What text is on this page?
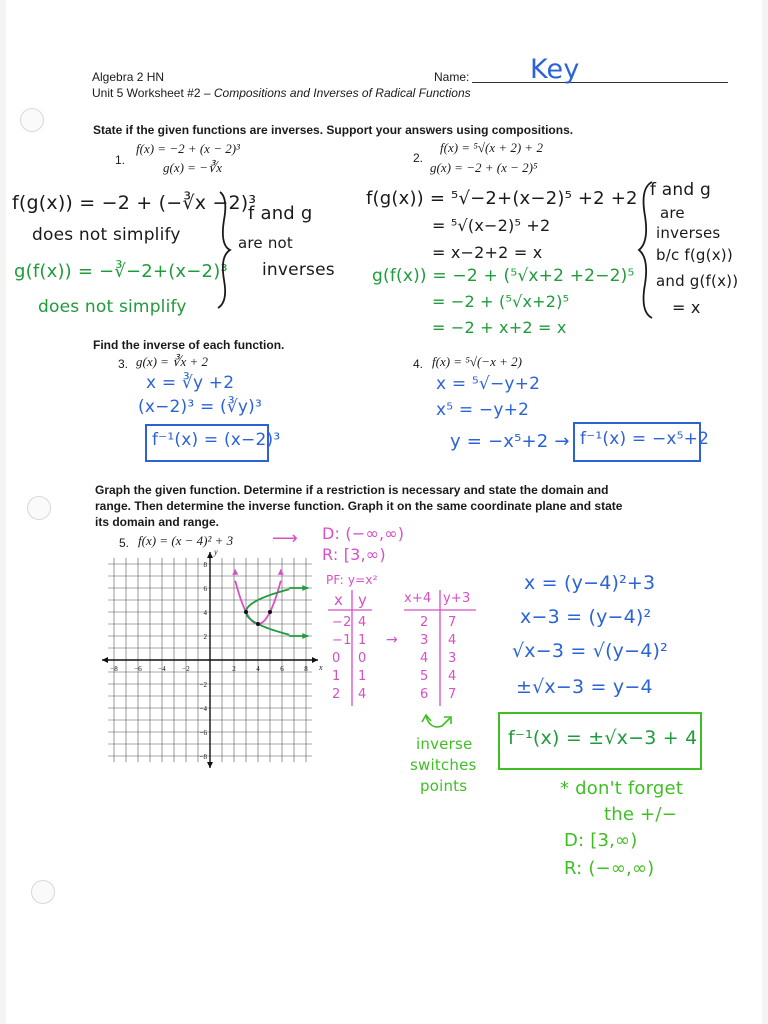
Algebra 2 HN
Unit 5 Worksheet #2 – Compositions and Inverses of Radical Functions
Name: Key
State if the given functions are inverses. Support your answers using compositions.
1.
f(x) = −2 + (x − 2)³
g(x) = −∛x
f(g(x)) = −2 + (−∛x −2)³
does not simplify
g(f(x)) = −∛−2+(x−2)³
does not simplify
f and g
are not
inverses
2.
f(x) = ⁵√(x + 2) + 2
g(x) = −2 + (x − 2)⁵
f(g(x)) = ⁵√−2+(x−2)⁵ +2 +2
= ⁵√(x−2)⁵ +2
= x−2+2 = x
g(f(x)) = −2 + (⁵√x+2 +2−2)⁵
= −2 + (⁵√x+2)⁵
= −2 + x+2 = x
f and g
are
inverses
b/c f(g(x))
and g(f(x))
= x
Find the inverse of each function.
3. g(x) = ∛x + 2
x = ∛y +2
(x−2)³ = (∛y)³
f⁻¹(x) = (x−2)³
4. f(x) = ⁵√(−x + 2)
x = ⁵√−y+2
x⁵ = −y+2
y = −x⁵+2 → f⁻¹(x) = −x⁵+2
Graph the given function. Determine if a restriction is necessary and state the domain and
range. Then determine the inverse function. Graph it on the same coordinate plane and state
its domain and range.
5. f(x) = (x − 4)² + 3 ⟶ D: (−∞,∞)
R: [3,∞)
PF: y=x²
x y
−2 4
−1 1
0 0
1 1
2 4
x+4 y+3
2 7
3 4
4 3
5 4
6 7
→
inverse
switches
points
x = (y−4)²+3
x−3 = (y−4)²
√x−3 = √(y−4)²
±√x−3 = y−4
f⁻¹(x) = ±√x−3 + 4
* don't forget
the +/−
D: [3,∞)
R: (−∞,∞)
−8 −6 −4 −2	2	4	6	8
8
6
4
2
−2
−4
−6
−8
x
y
